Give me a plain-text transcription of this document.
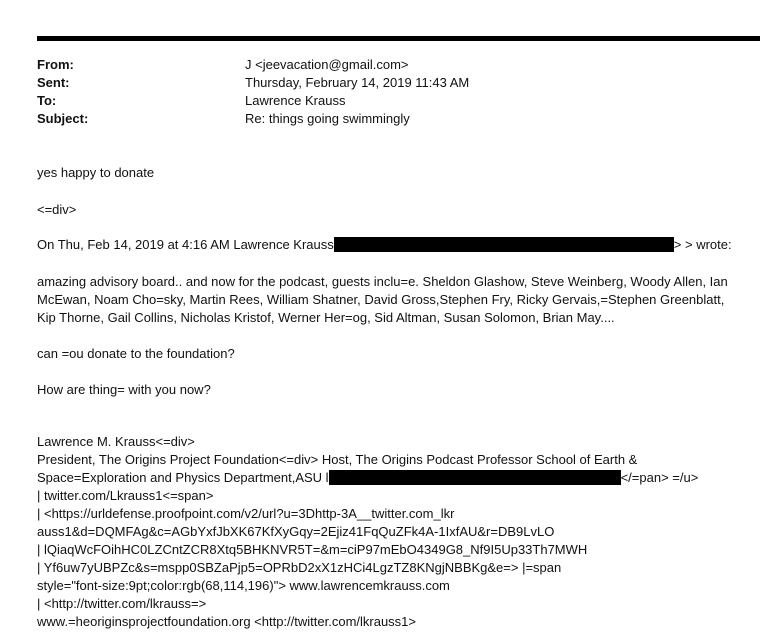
From:	J <jeevacation@gmail.com>
Sent:	Thursday, February 14, 2019 11:43 AM
To:	Lawrence Krauss
Subject:	Re: things going swimmingly
yes happy to donate
<=div>
On Thu, Feb 14, 2019 at 4:16 AM Lawrence Krauss	> > wrote:
amazing advisory board.. and now for the podcast, guests inclu=e. Sheldon Glashow, Steve Weinberg, Woody Allen, Ian
McEwan, Noam Cho=sky, Martin Rees, William Shatner, David Gross,Stephen Fry, Ricky Gervais,=Stephen Greenblatt,
Kip Thorne, Gail Collins, Nicholas Kristof, Werner Her=og, Sid Altman, Susan Solomon, Brian May....
can =ou donate to the foundation?
How are thing= with you now?
Lawrence M. Krauss<=div>
President, The Origins Project Foundation<=div> Host, The Origins Podcast Professor School of Earth &
Space=Exploration and Physics Department,ASU l	</=pan> =/u>
| twitter.com/Lkrauss1<=span>
| <https://urldefense.proofpoint.com/v2/url?u=3Dhttp-3A__twitter.com_lkr
auss1&d=DQMFAg&c=AGbYxfJbXK67KfXyGqy=2Ejiz41FqQuZFk4A-1IxfAU&r=DB9LvLO
| lQiaqWcFOihHC0LZCntZCR8Xtq5BHKNVR5T=&m=ciP97mEbO4349G8_Nf9I5Up33Th7MWH
| Yf6uw7yUBPZc&s=mspp0SBZaPjp5=OPRbD2xX1zHCi4LgzTZ8KNgjNBBKg&e=> |=span
style="font-size:9pt;color:rgb(68,114,196)"> www.lawrencemkrauss.com
| <http://twitter.com/lkrauss=>
www.=heoriginsprojectfoundation.org <http://twitter.com/lkrauss1>
